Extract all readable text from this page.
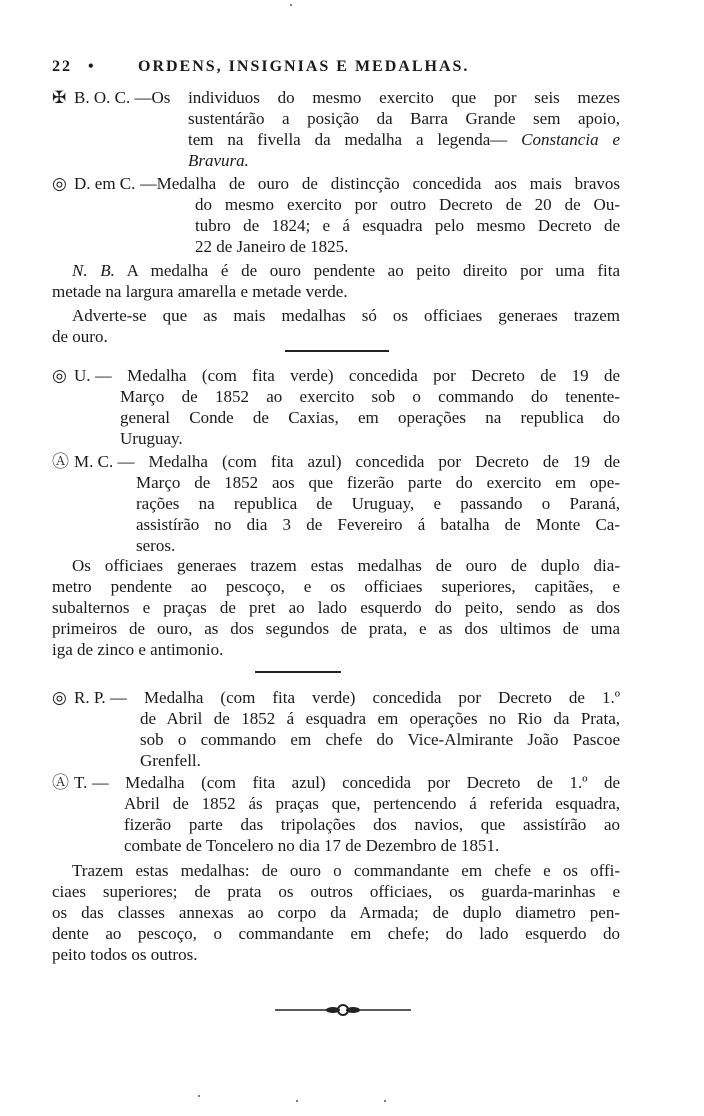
22 •	ORDENS, INSIGNIAS E MEDALHAS.
✠ B. O. C. —Os individuos do mesmo exercito que por seis mezes
sustentárão a posição da Barra Grande sem apoio,
tem na fivella da medalha a legenda— Constancia e
Bravura.
◎ D. em C. —Medalha de ouro de distincção concedida aos mais bravos
do mesmo exercito por outro Decreto de 20 de Ou-
tubro de 1824; e á esquadra pelo mesmo Decreto de
22 de Janeiro de 1825.
N. B. A medalha é de ouro pendente ao peito direito por uma fita
metade na largura amarella e metade verde.
Adverte-se que as mais medalhas só os officiaes generaes trazem
de ouro.
◎ U. — Medalha (com fita verde) concedida por Decreto de 19 de
Março de 1852 ao exercito sob o commando do tenente-
general Conde de Caxias, em operações na republica do
Uruguay.
Ⓐ M. C. — Medalha (com fita azul) concedida por Decreto de 19 de
Março de 1852 aos que fizerão parte do exercito em ope-
rações na republica de Uruguay, e passando o Paraná,
assistírão no dia 3 de Fevereiro á batalha de Monte Ca-
seros.
Os officiaes generaes trazem estas medalhas de ouro de duplo dia-
metro pendente ao pescoço, e os officiaes superiores, capitães, e
subalternos e praças de pret ao lado esquerdo do peito, sendo as dos
primeiros de ouro, as dos segundos de prata, e as dos ultimos de uma
iga de zinco e antimonio.
◎ R. P. — Medalha (com fita verde) concedida por Decreto de 1.º
de Abril de 1852 á esquadra em operações no Rio da Prata,
sob o commando em chefe do Vice-Almirante João Pascoe
Grenfell.
Ⓐ T. — Medalha (com fita azul) concedida por Decreto de 1.º de
Abril de 1852 ás praças que, pertencendo á referida esquadra,
fizerão parte das tripolações dos navios, que assistírão ao
combate de Toncelero no dia 17 de Dezembro de 1851.
Trazem estas medalhas: de ouro o commandante em chefe e os offi-
ciaes superiores; de prata os outros officiaes, os guarda-marinhas e
os das classes annexas ao corpo da Armada; de duplo diametro pen-
dente ao pescoço, o commandante em chefe; do lado esquerdo do
peito todos os outros.
